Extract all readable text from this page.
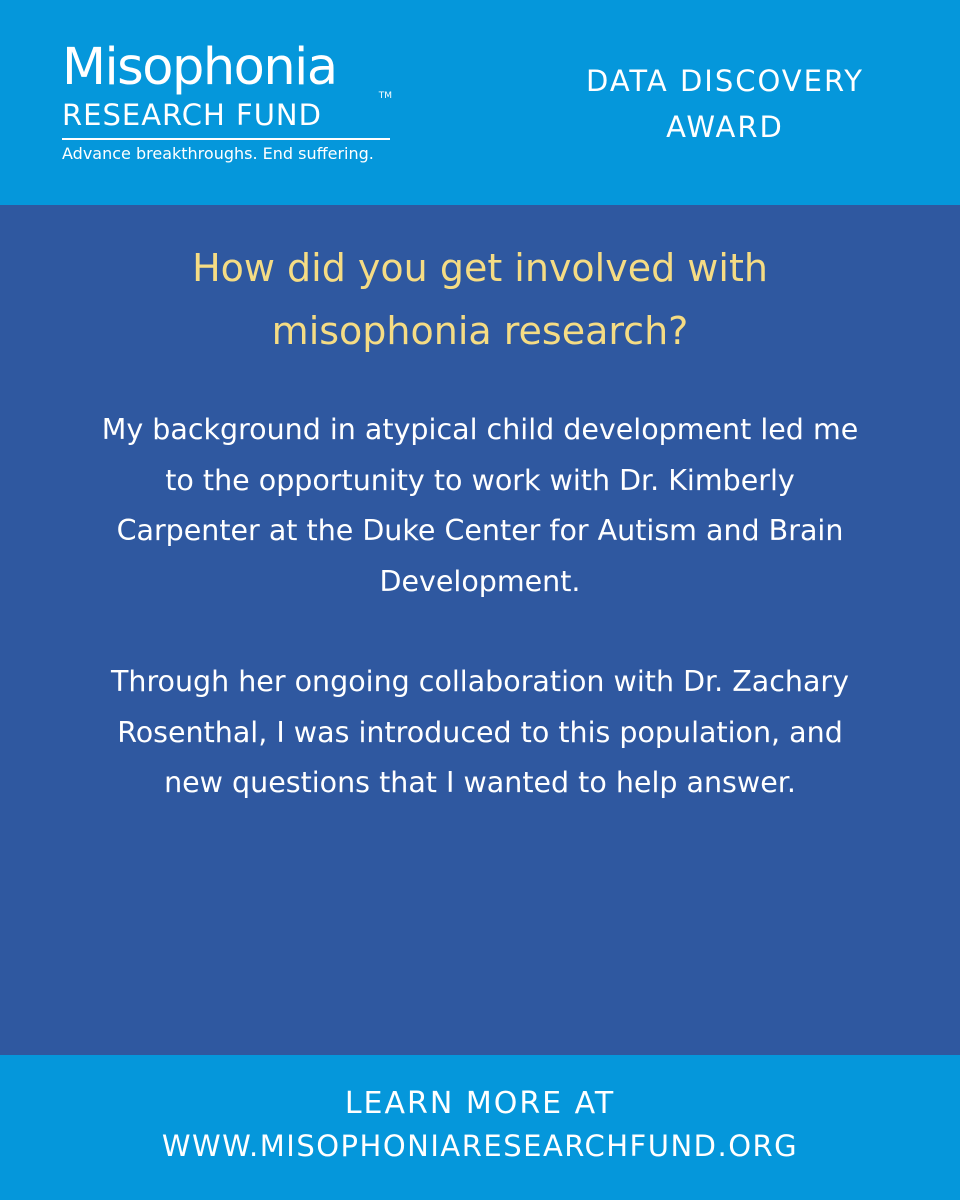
Misophonia
RESEARCH FUND
TM
Advance breakthroughs. End suffering.
DATA DISCOVERY
AWARD
How did you get involved with misophonia research?

My background in atypical child development led me to the opportunity to work with Dr. Kimberly Carpenter at the Duke Center for Autism and Brain Development.

Through her ongoing collaboration with Dr. Zachary Rosenthal, I was introduced to this population, and new questions that I wanted to help answer.

LEARN MORE AT
WWW.MISOPHONIARESEARCHFUND.ORG
